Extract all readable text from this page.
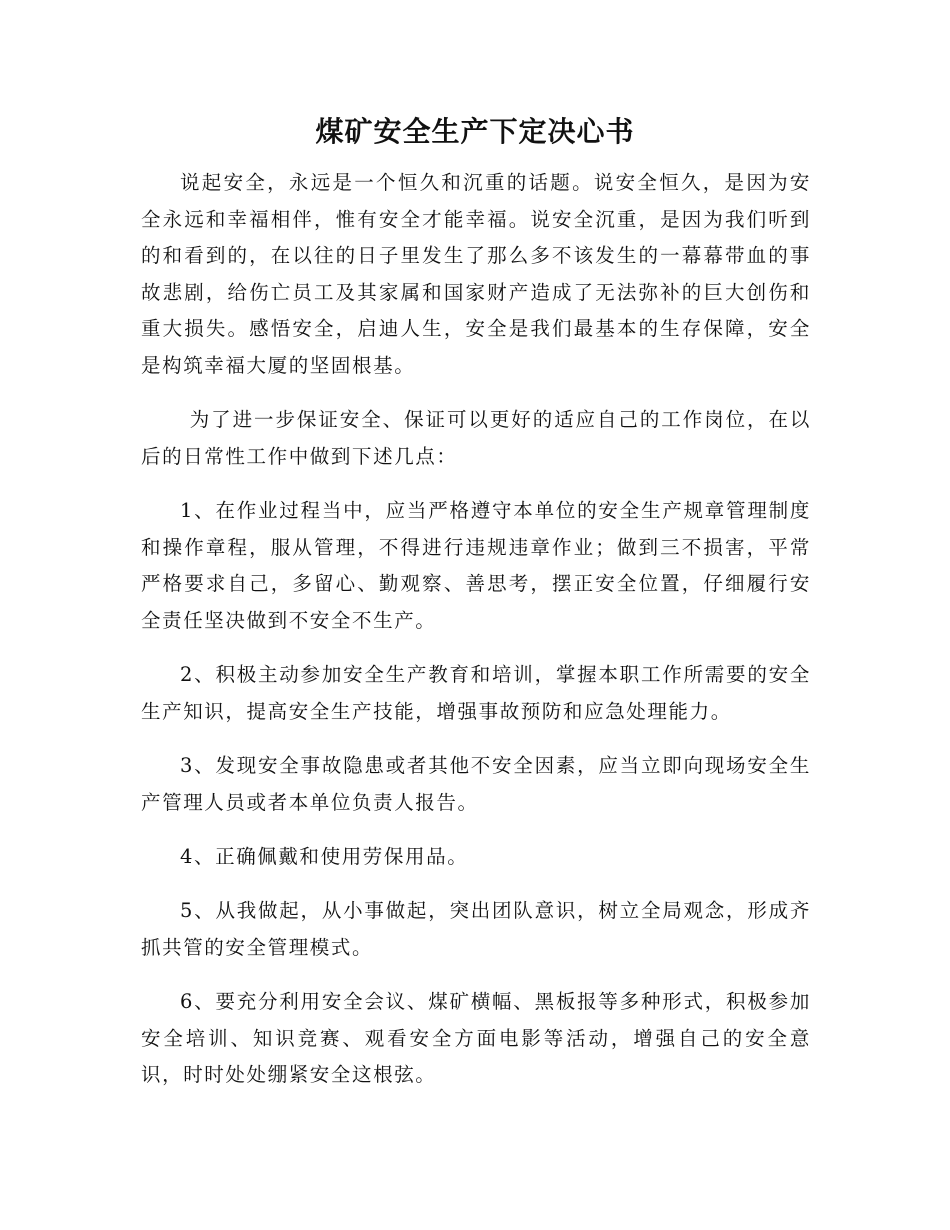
煤矿安全生产下定决心书

说起安全，永远是一个恒久和沉重的话题。说安全恒久，是因为安全永远和幸福相伴，惟有安全才能幸福。说安全沉重，是因为我们听到的和看到的，在以往的日子里发生了那么多不该发生的一幕幕带血的事故悲剧，给伤亡员工及其家属和国家财产造成了无法弥补的巨大创伤和重大损失。感悟安全，启迪人生，安全是我们最基本的生存保障，安全是构筑幸福大厦的坚固根基。

为了进一步保证安全、保证可以更好的适应自己的工作岗位，在以后的日常性工作中做到下述几点：

1、在作业过程当中，应当严格遵守本单位的安全生产规章管理制度和操作章程，服从管理，不得进行违规违章作业；做到三不损害，平常严格要求自己，多留心、勤观察、善思考，摆正安全位置，仔细履行安全责任坚决做到不安全不生产。

2、积极主动参加安全生产教育和培训，掌握本职工作所需要的安全生产知识，提高安全生产技能，增强事故预防和应急处理能力。

3、发现安全事故隐患或者其他不安全因素，应当立即向现场安全生产管理人员或者本单位负责人报告。

4、正确佩戴和使用劳保用品。

5、从我做起，从小事做起，突出团队意识，树立全局观念，形成齐抓共管的安全管理模式。

6、要充分利用安全会议、煤矿横幅、黑板报等多种形式，积极参加安全培训、知识竞赛、观看安全方面电影等活动，增强自己的安全意识，时时处处绷紧安全这根弦。
